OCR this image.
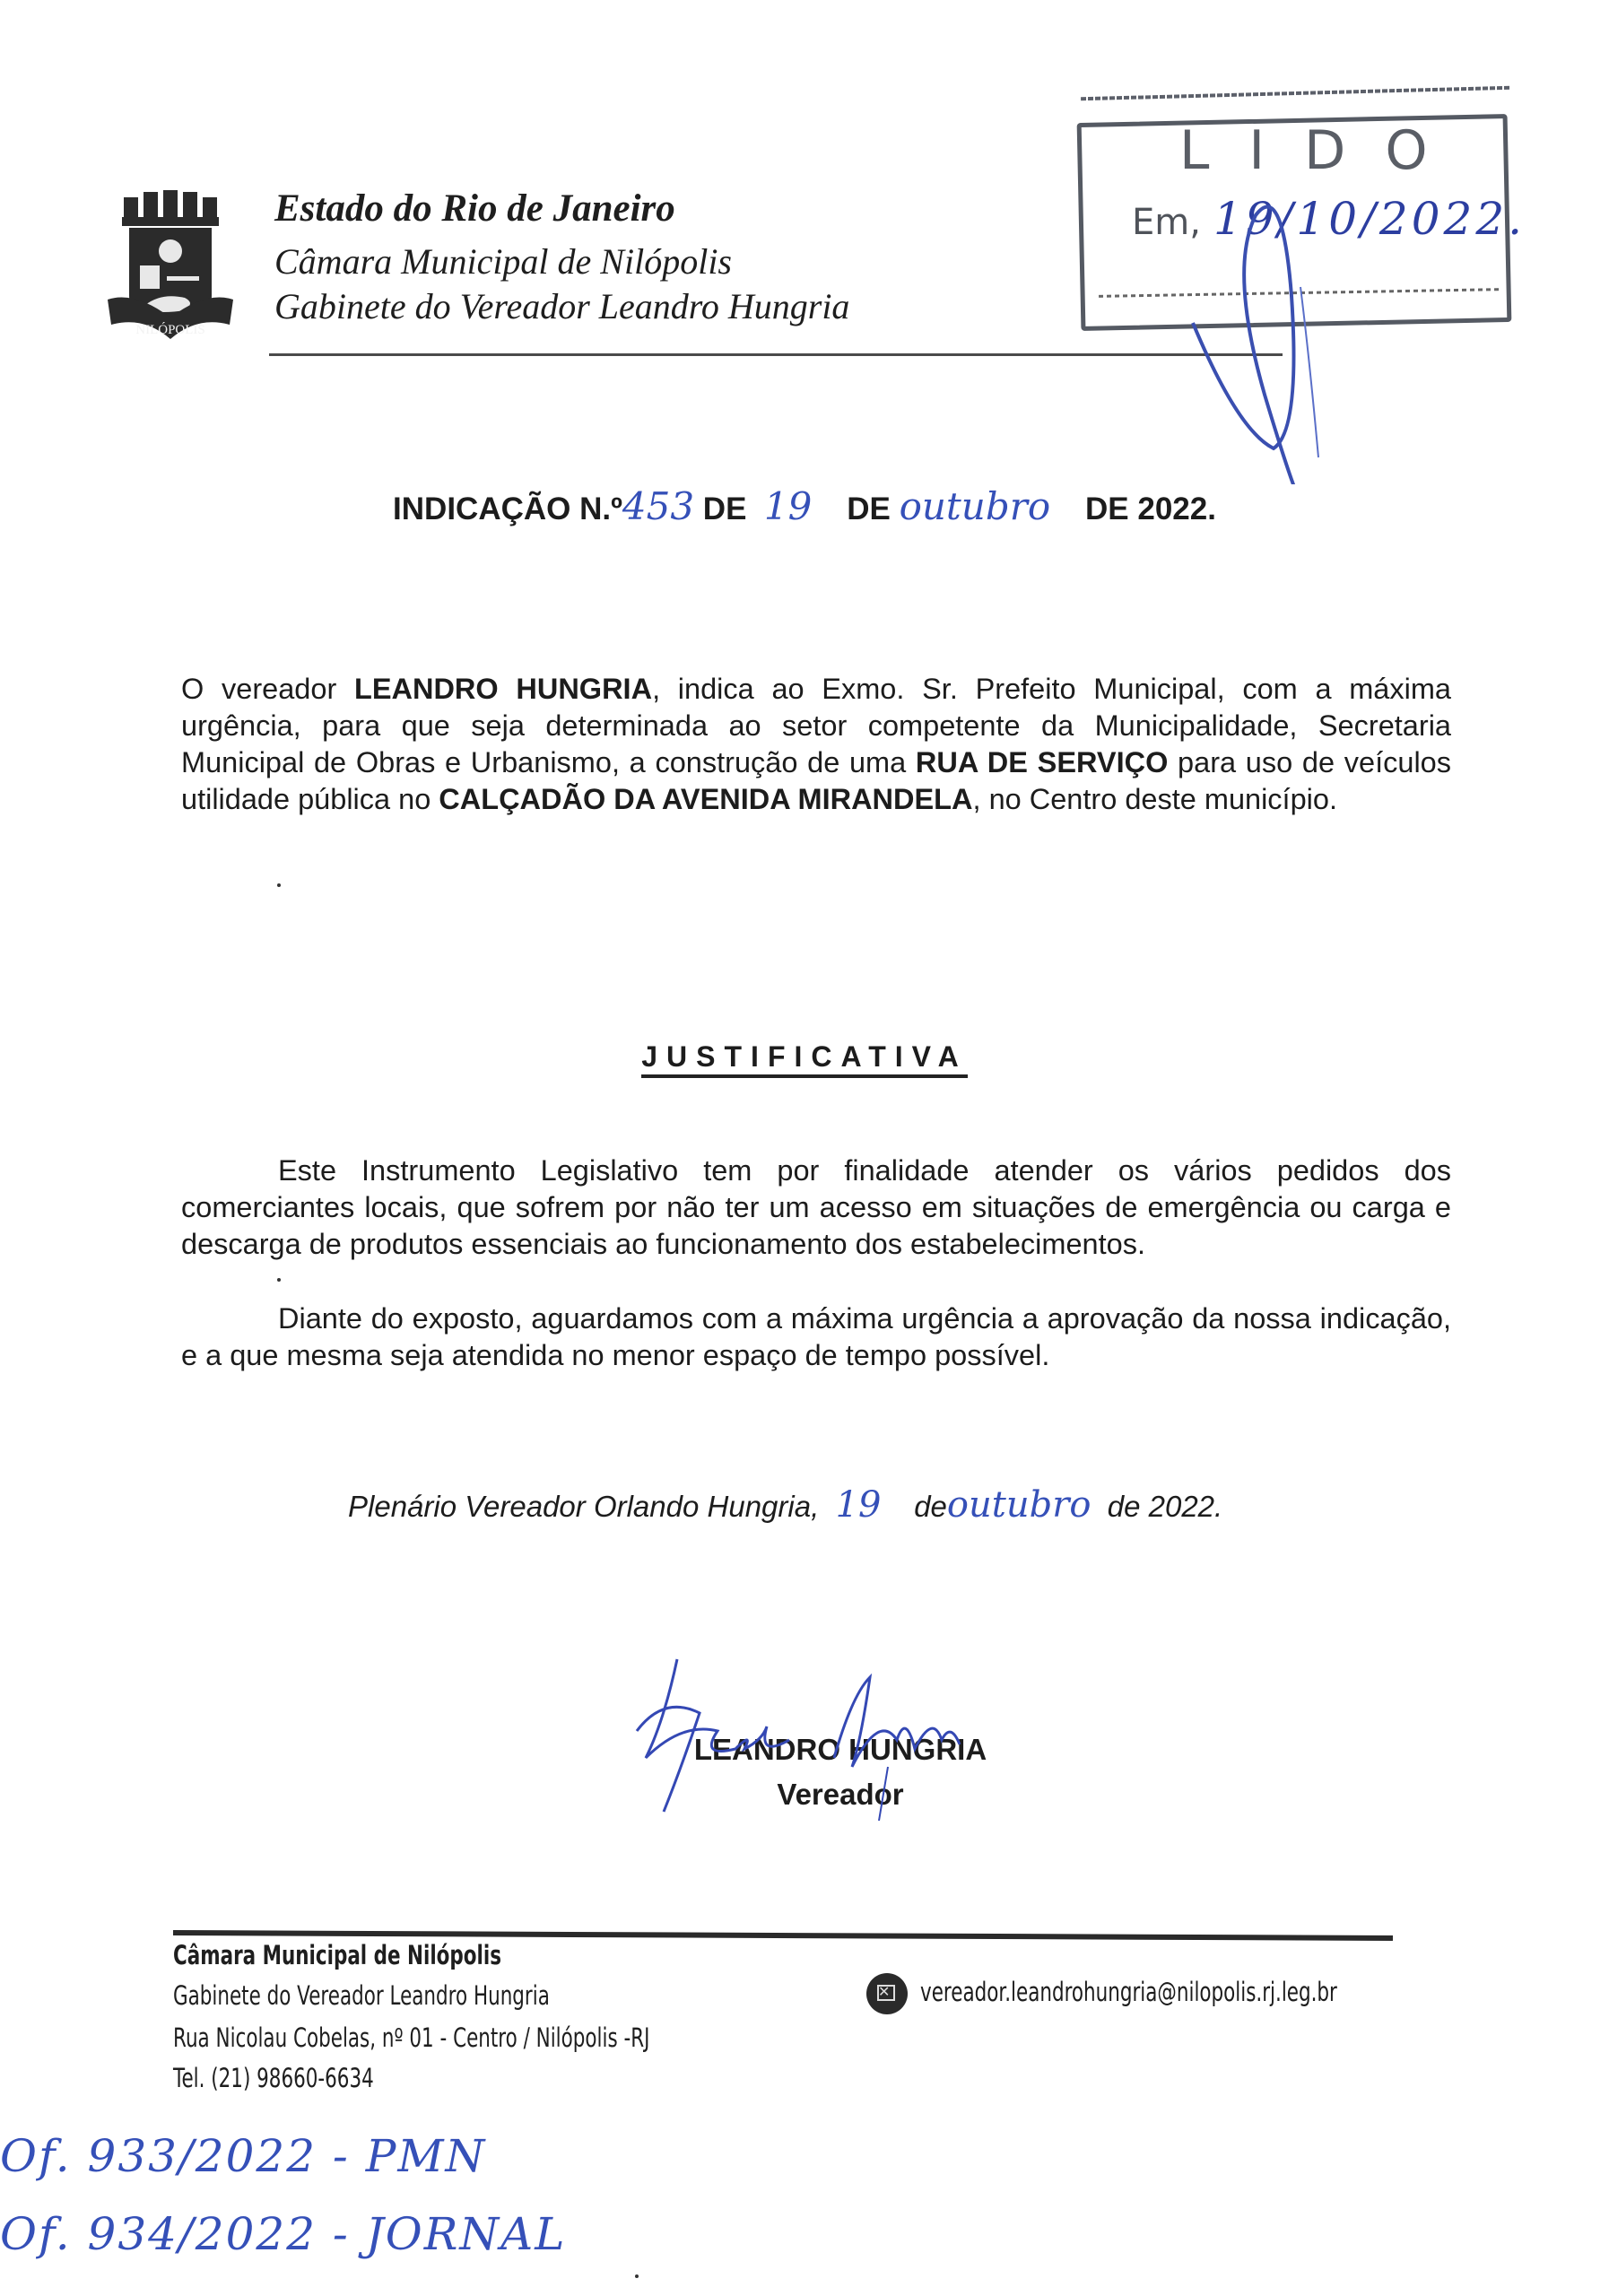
NILÓPOLIS
Estado do Rio de Janeiro
Câmara Municipal de Nilópolis
Gabinete do Vereador Leandro Hungria
LIDO
Em, 19/10/2022.
INDICAÇÃO N.º453 DE 19 DE outubro DE 2022.
O vereador LEANDRO HUNGRIA, indica ao Exmo. Sr. Prefeito Municipal, com a máxima urgência, para que seja determinada ao setor competente da Municipalidade, Secretaria Municipal de Obras e Urbanismo, a construção de uma RUA DE SERVIÇO para uso de veículos utilidade pública no CALÇADÃO DA AVENIDA MIRANDELA, no Centro deste município.
JUSTIFICATIVA
Este Instrumento Legislativo tem por finalidade atender os vários pedidos dos comerciantes locais, que sofrem por não ter um acesso em situações de emergência ou carga e descarga de produtos essenciais ao funcionamento dos estabelecimentos.
Diante do exposto, aguardamos com a máxima urgência a aprovação da nossa indicação, e a que mesma seja atendida no menor espaço de tempo possível.
Plenário Vereador Orlando Hungria, 19 deoutubro de 2022.
LEANDRO HUNGRIA
Vereador
Câmara Municipal de Nilópolis
Gabinete do Vereador Leandro Hungria
Rua Nicolau Cobelas, nº 01 - Centro / Nilópolis -RJ
Tel. (21) 98660-6634
✕
vereador.leandrohungria@nilopolis.rj.leg.br
Of. 933/2022 - PMN
Of. 934/2022 - JORNAL
